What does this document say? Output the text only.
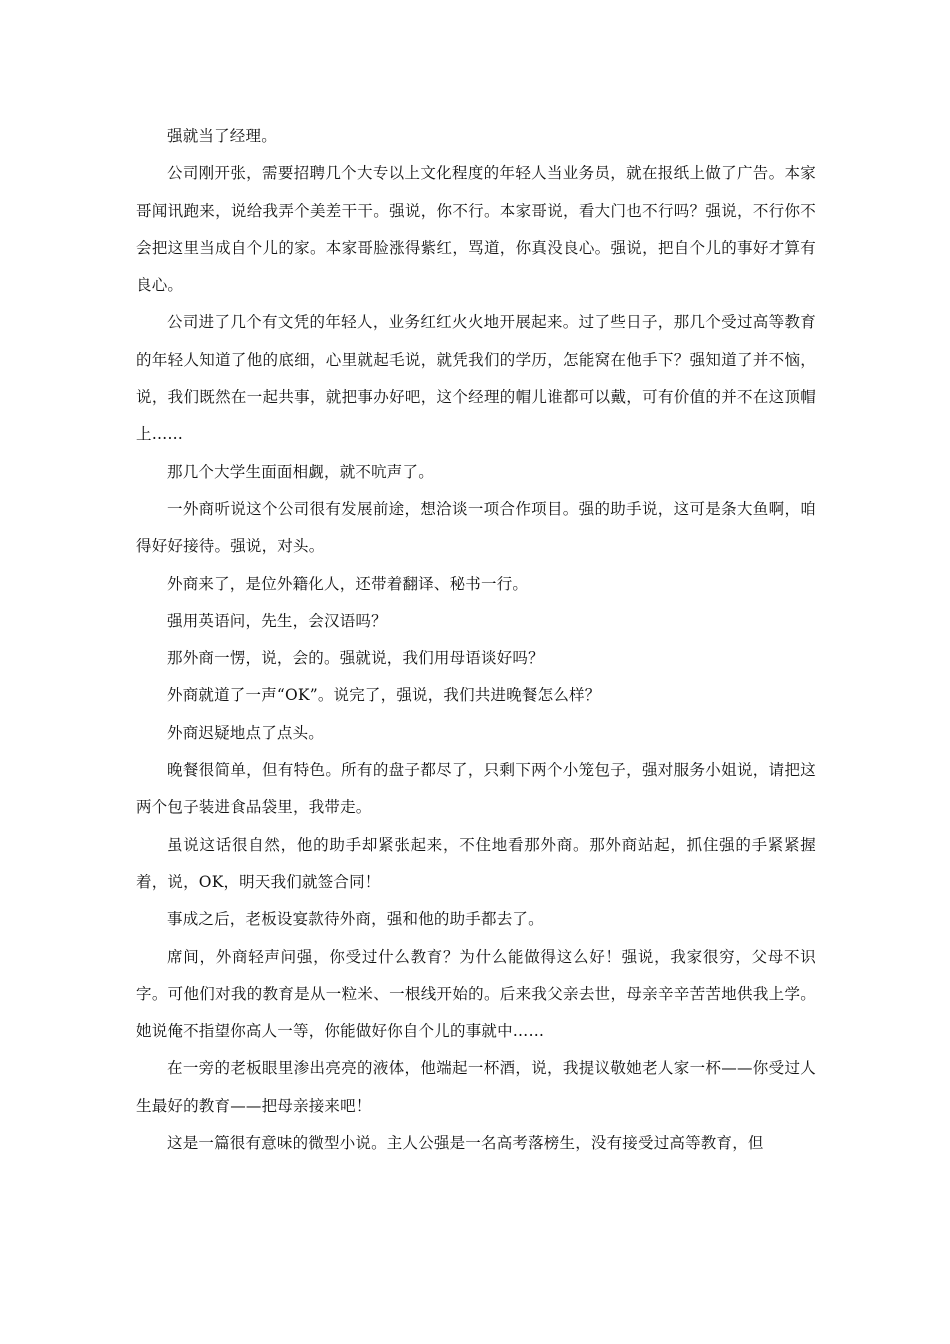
强就当了经理。

公司刚开张，需要招聘几个大专以上文化程度的年轻人当业务员，就在报纸上做了广告。本家哥闻讯跑来，说给我弄个美差干干。强说，你不行。本家哥说，看大门也不行吗？强说，不行你不会把这里当成自个儿的家。本家哥脸涨得紫红，骂道，你真没良心。强说，把自个儿的事好才算有良心。

公司进了几个有文凭的年轻人，业务红红火火地开展起来。过了些日子，那几个受过高等教育的年轻人知道了他的底细，心里就起毛说，就凭我们的学历，怎能窝在他手下？强知道了并不恼，说，我们既然在一起共事，就把事办好吧，这个经理的帽儿谁都可以戴，可有价值的并不在这顶帽上……

那几个大学生面面相觑，就不吭声了。

一外商听说这个公司很有发展前途，想洽谈一项合作项目。强的助手说，这可是条大鱼啊，咱得好好接待。强说，对头。

外商来了，是位外籍化人，还带着翻译、秘书一行。

强用英语问，先生，会汉语吗？

那外商一愣，说，会的。强就说，我们用母语谈好吗？

外商就道了一声“OK”。说完了，强说，我们共进晚餐怎么样？

外商迟疑地点了点头。

晚餐很简单，但有特色。所有的盘子都尽了，只剩下两个小笼包子，强对服务小姐说，请把这两个包子装进食品袋里，我带走。

虽说这话很自然，他的助手却紧张起来，不住地看那外商。那外商站起，抓住强的手紧紧握着，说，OK，明天我们就签合同！

事成之后，老板设宴款待外商，强和他的助手都去了。

席间，外商轻声问强，你受过什么教育？为什么能做得这么好！强说，我家很穷，父母不识字。可他们对我的教育是从一粒米、一根线开始的。后来我父亲去世，母亲辛辛苦苦地供我上学。她说俺不指望你高人一等，你能做好你自个儿的事就中……

在一旁的老板眼里渗出亮亮的液体，他端起一杯酒，说，我提议敬她老人家一杯——你受过人生最好的教育——把母亲接来吧！

这是一篇很有意味的微型小说。主人公强是一名高考落榜生，没有接受过高等教育，但
